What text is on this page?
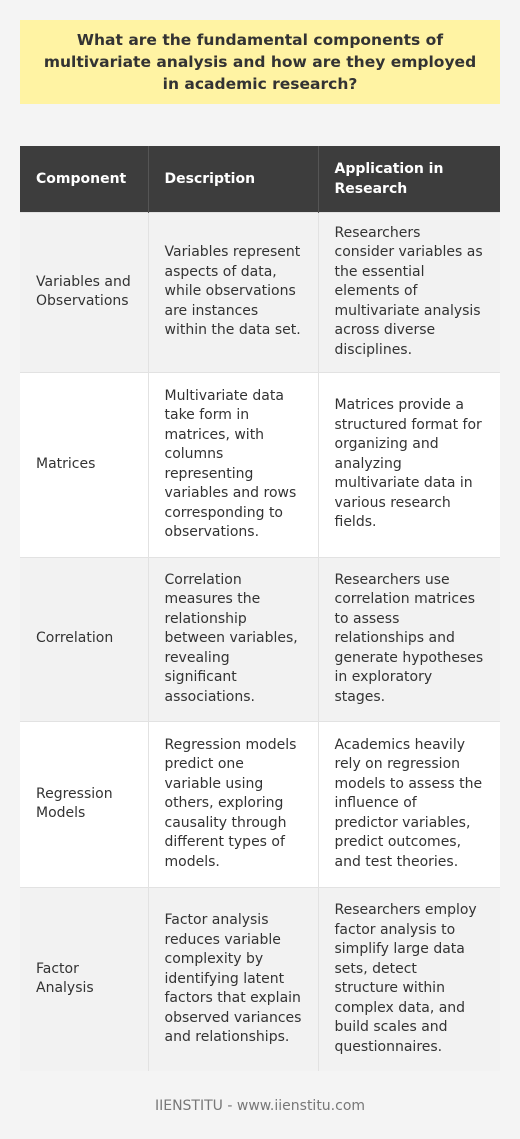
What are the fundamental components of multivariate analysis and how are they employed in academic research?
Component	Description	Application in Research
Variables and Observations	Variables represent aspects of data, while observations are instances within the data set.	Researchers consider variables as the essential elements of multivariate analysis across diverse disciplines.
Matrices	Multivariate data take form in matrices, with columns representing variables and rows corresponding to observations.	Matrices provide a structured format for organizing and analyzing multivariate data in various research fields.
Correlation	Correlation measures the relationship between variables, revealing significant associations.	Researchers use correlation matrices to assess relationships and generate hypotheses in exploratory stages.
Regression Models	Regression models predict one variable using others, exploring causality through different types of models.	Academics heavily rely on regression models to assess the influence of predictor variables, predict outcomes, and test theories.
Factor Analysis	Factor analysis reduces variable complexity by identifying latent factors that explain observed variances and relationships.	Researchers employ factor analysis to simplify large data sets, detect structure within complex data, and build scales and questionnaires.
IIENSTITU - www.iienstitu.com
